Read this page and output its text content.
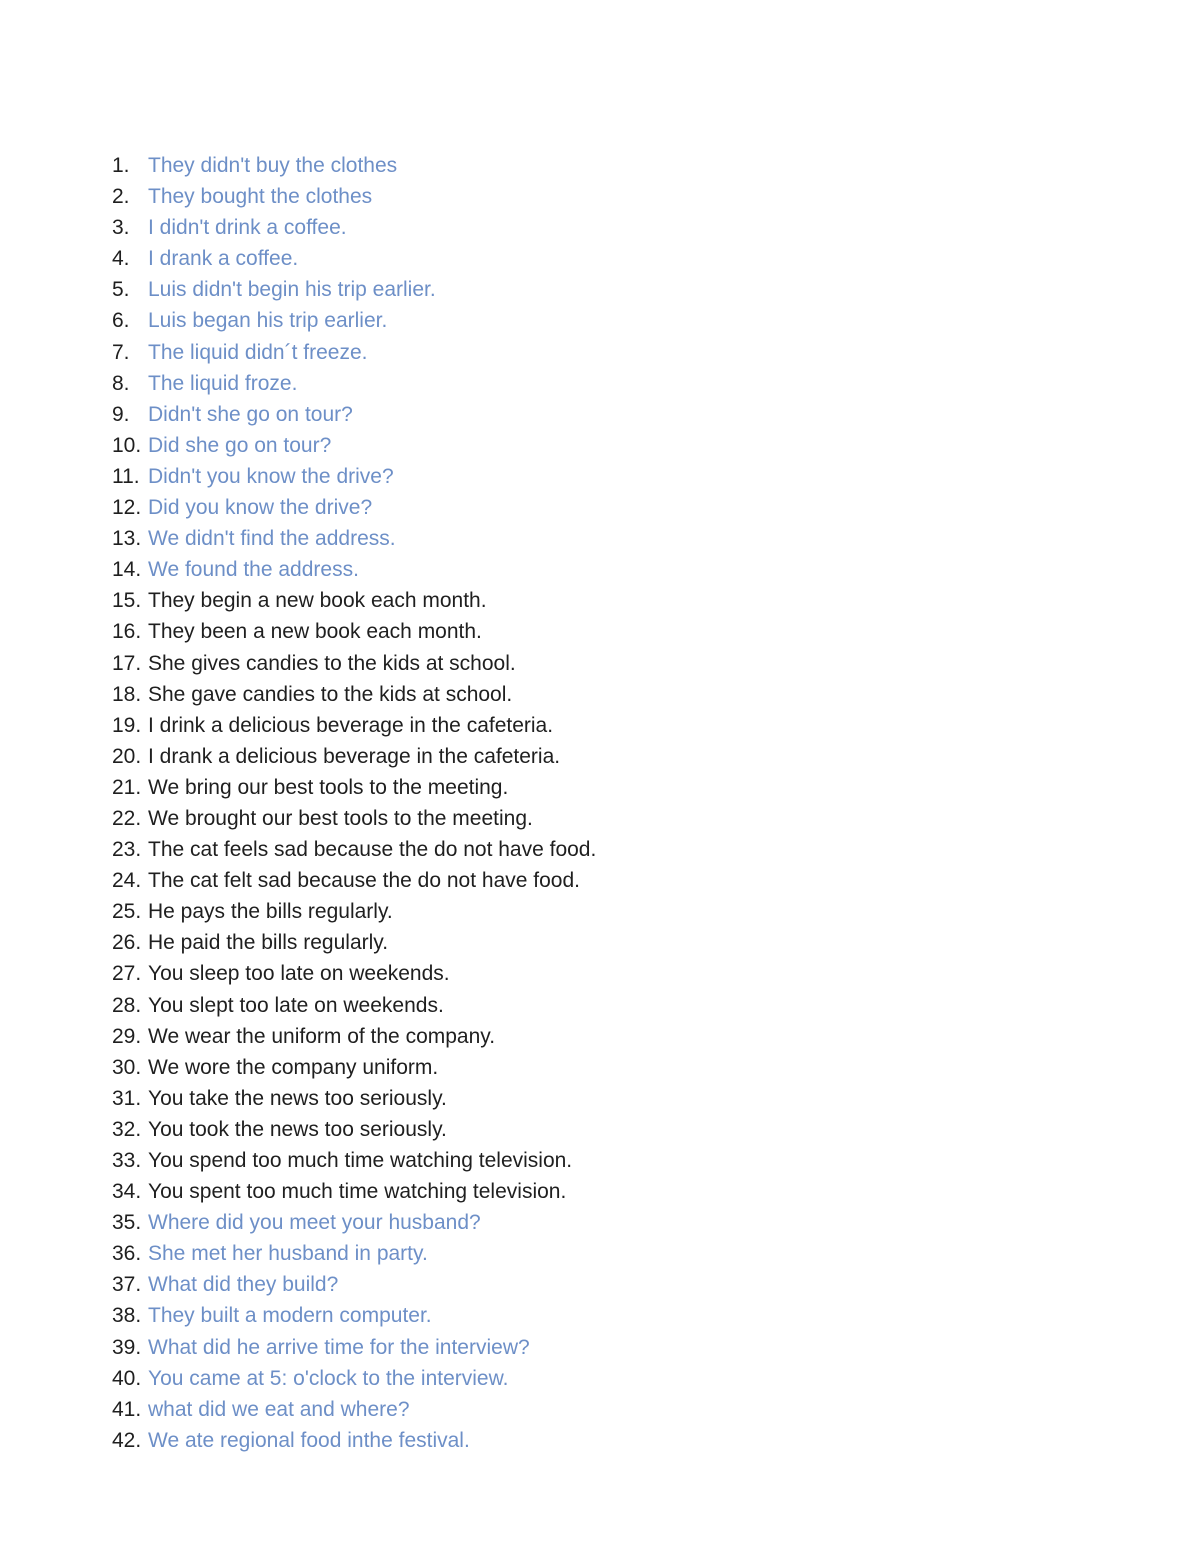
1. They didn't buy the clothes
2. They bought the clothes
3. I didn't drink a coffee.
4. I drank a coffee.
5. Luis didn't begin his trip earlier.
6. Luis began his trip earlier.
7. The liquid didn´t freeze.
8. The liquid froze.
9. Didn't she go on tour?
10. Did she go on tour?
11. Didn't you know the drive?
12. Did you know the drive?
13. We didn't find the address.
14. We found the address.
15. They begin a new book each month.
16. They been a new book each month.
17. She gives candies to the kids at school.
18. She gave candies to the kids at school.
19. I drink a delicious beverage in the cafeteria.
20. I drank a delicious beverage in the cafeteria.
21. We bring our best tools to the meeting.
22. We brought our best tools to the meeting.
23. The cat feels sad because the do not have food.
24. The cat felt sad because the do not have food.
25. He pays the bills regularly.
26. He paid the bills regularly.
27. You sleep too late on weekends.
28. You slept too late on weekends.
29. We wear the uniform of the company.
30. We wore the company uniform.
31. You take the news too seriously.
32. You took the news too seriously.
33. You spend too much time watching television.
34. You spent too much time watching television.
35. Where did you meet your husband?
36. She met her husband in party.
37. What did they build?
38. They built a modern computer.
39. What did he arrive time for the interview?
40. You came at 5: o'clock to the interview.
41. what did we eat and where?
42. We ate regional food inthe festival.
